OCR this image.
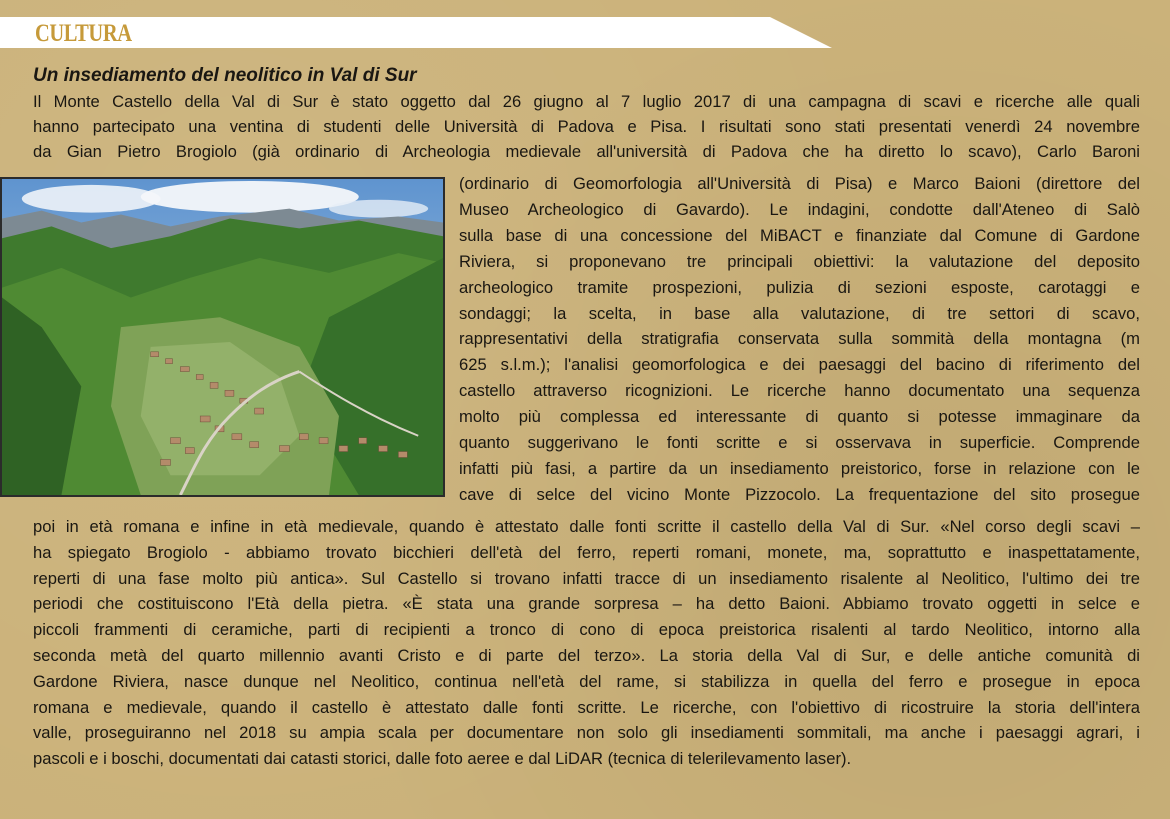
CULTURA
Un insediamento del neolitico in Val di Sur
Il Monte Castello della Val di Sur è stato oggetto dal 26 giugno al 7 luglio 2017 di una campagna di scavi e ricerche alle quali
hanno partecipato una ventina di studenti delle Università di Padova e Pisa. I risultati sono stati presentati venerdì 24 novembre
da Gian Pietro Brogiolo (già ordinario di Archeologia medievale all'università di Padova che ha diretto lo scavo), Carlo Baroni
(ordinario di Geomorfologia all'Università di Pisa) e Marco Baioni (direttore del
Museo Archeologico di Gavardo). Le indagini, condotte dall'Ateneo di Salò
sulla base di una concessione del MiBACT e finanziate dal Comune di Gardone
Riviera, si proponevano tre principali obiettivi: la valutazione del deposito
archeologico tramite prospezioni, pulizia di sezioni esposte, carotaggi e
sondaggi; la scelta, in base alla valutazione, di tre settori di scavo,
rappresentativi della stratigrafia conservata sulla sommità della montagna (m
625 s.l.m.); l'analisi geomorfologica e dei paesaggi del bacino di riferimento del
castello attraverso ricognizioni. Le ricerche hanno documentato una sequenza
molto più complessa ed interessante di quanto si potesse immaginare da
quanto suggerivano le fonti scritte e si osservava in superficie. Comprende
infatti più fasi, a partire da un insediamento preistorico, forse in relazione con le
cave di selce del vicino Monte Pizzocolo. La frequentazione del sito prosegue
poi in età romana e infine in età medievale, quando è attestato dalle fonti scritte il castello della Val di Sur. «Nel corso degli scavi –
ha spiegato Brogiolo - abbiamo trovato bicchieri dell'età del ferro, reperti romani, monete, ma, soprattutto e inaspettatamente,
reperti di una fase molto più antica». Sul Castello si trovano infatti tracce di un insediamento risalente al Neolitico, l'ultimo dei tre
periodi che costituiscono l'Età della pietra. «È stata una grande sorpresa – ha detto Baioni. Abbiamo trovato oggetti in selce e
piccoli frammenti di ceramiche, parti di recipienti a tronco di cono di epoca preistorica risalenti al tardo Neolitico, intorno alla
seconda metà del quarto millennio avanti Cristo e di parte del terzo». La storia della Val di Sur, e delle antiche comunità di
Gardone Riviera, nasce dunque nel Neolitico, continua nell'età del rame, si stabilizza in quella del ferro e prosegue in epoca
romana e medievale, quando il castello è attestato dalle fonti scritte. Le ricerche, con l'obiettivo di ricostruire la storia dell'intera
valle, proseguiranno nel 2018 su ampia scala per documentare non solo gli insediamenti sommitali, ma anche i paesaggi agrari, i
pascoli e i boschi, documentati dai catasti storici, dalle foto aeree e dal LiDAR (tecnica di telerilevamento laser).
